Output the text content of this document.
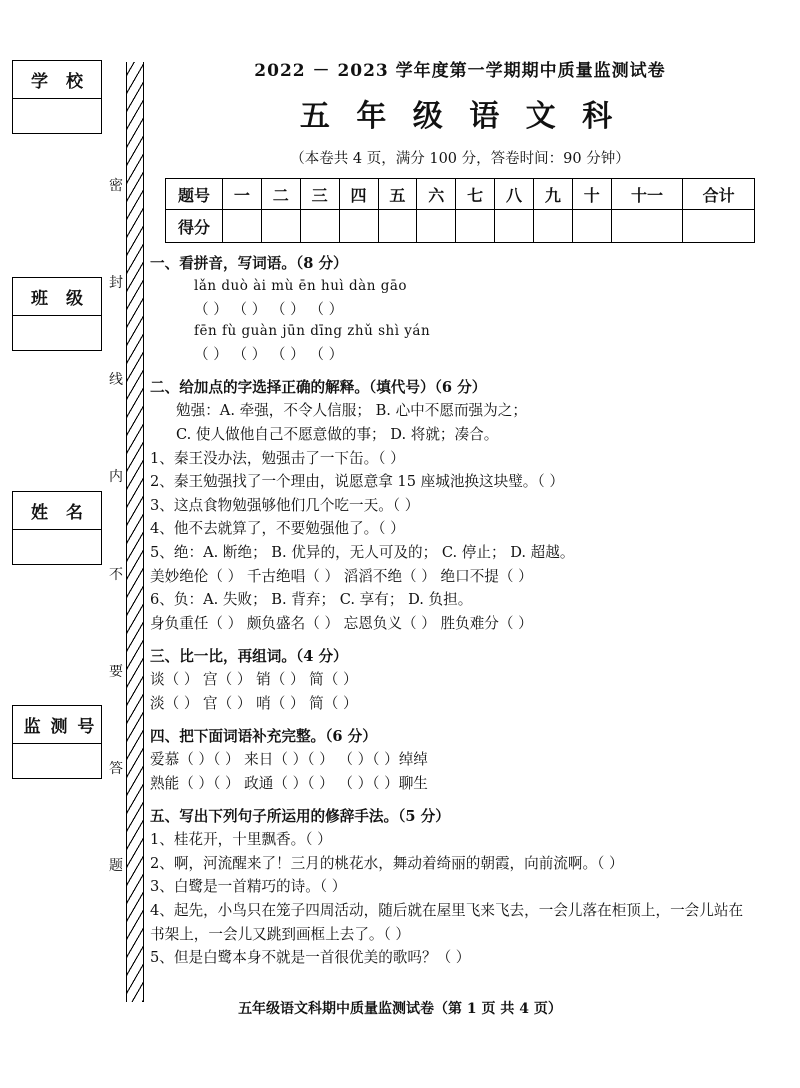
学 校
班 级
姓 名
监 测 号
密
封
线
内
不
要
答
题
2022 － 2023 学年度第一学期期中质量监测试卷
五 年 级 语 文 科
（本卷共 4 页，满分 100 分，答卷时间：90 分钟）
题号	一	二	三	四	五	六	七	八	九	十	十一	合计
得分												
一、看拼音，写词语。（8 分）
lǎn duò ài mù ēn huì dàn gāo
（ ） （ ） （ ） （ ）
fēn fù guàn jūn dīng zhǔ shì yán
（ ） （ ） （ ） （ ）
二、给加点的字选择正确的解释。（填代号）（6 分）
勉强：A. 牵强，不令人信服； B. 心中不愿而强为之；
C. 使人做他自己不愿意做的事； D. 将就；凑合。
1、秦王没办法，勉强击了一下缶。（ ）
2、秦王勉强找了一个理由，说愿意拿 15 座城池换这块璧。（ ）
3、这点食物勉强够他们几个吃一天。（ ）
4、他不去就算了，不要勉强他了。（ ）
5、绝：A. 断绝； B. 优异的，无人可及的； C. 停止； D. 超越。
美妙绝伦（ ） 千古绝唱（ ） 滔滔不绝（ ） 绝口不提（ ）
6、负：A. 失败； B. 背弃； C. 享有； D. 负担。
身负重任（ ） 颇负盛名（ ） 忘恩负义（ ） 胜负难分（ ）
三、比一比，再组词。（4 分）
谈（ ） 宫（ ） 销（ ） 简（ ）
淡（ ） 官（ ） 哨（ ） 简（ ）
四、把下面词语补充完整。（6 分）
爱慕（ ）（ ） 来日（ ）（ ） （ ）（ ）绰绰
熟能（ ）（ ） 政通（ ）（ ） （ ）（ ）聊生
五、写出下列句子所运用的修辞手法。（5 分）
1、桂花开，十里飘香。（ ）
2、啊，河流醒来了！三月的桃花水，舞动着绮丽的朝霞，向前流啊。（ ）
3、白鹭是一首精巧的诗。（ ）
4、起先，小鸟只在笼子四周活动，随后就在屋里飞来飞去，一会儿落在柜顶上，一会儿站在
书架上，一会儿又跳到画框上去了。（ ）
5、但是白鹭本身不就是一首很优美的歌吗？（ ）
五年级语文科期中质量监测试卷（第 1 页 共 4 页）
